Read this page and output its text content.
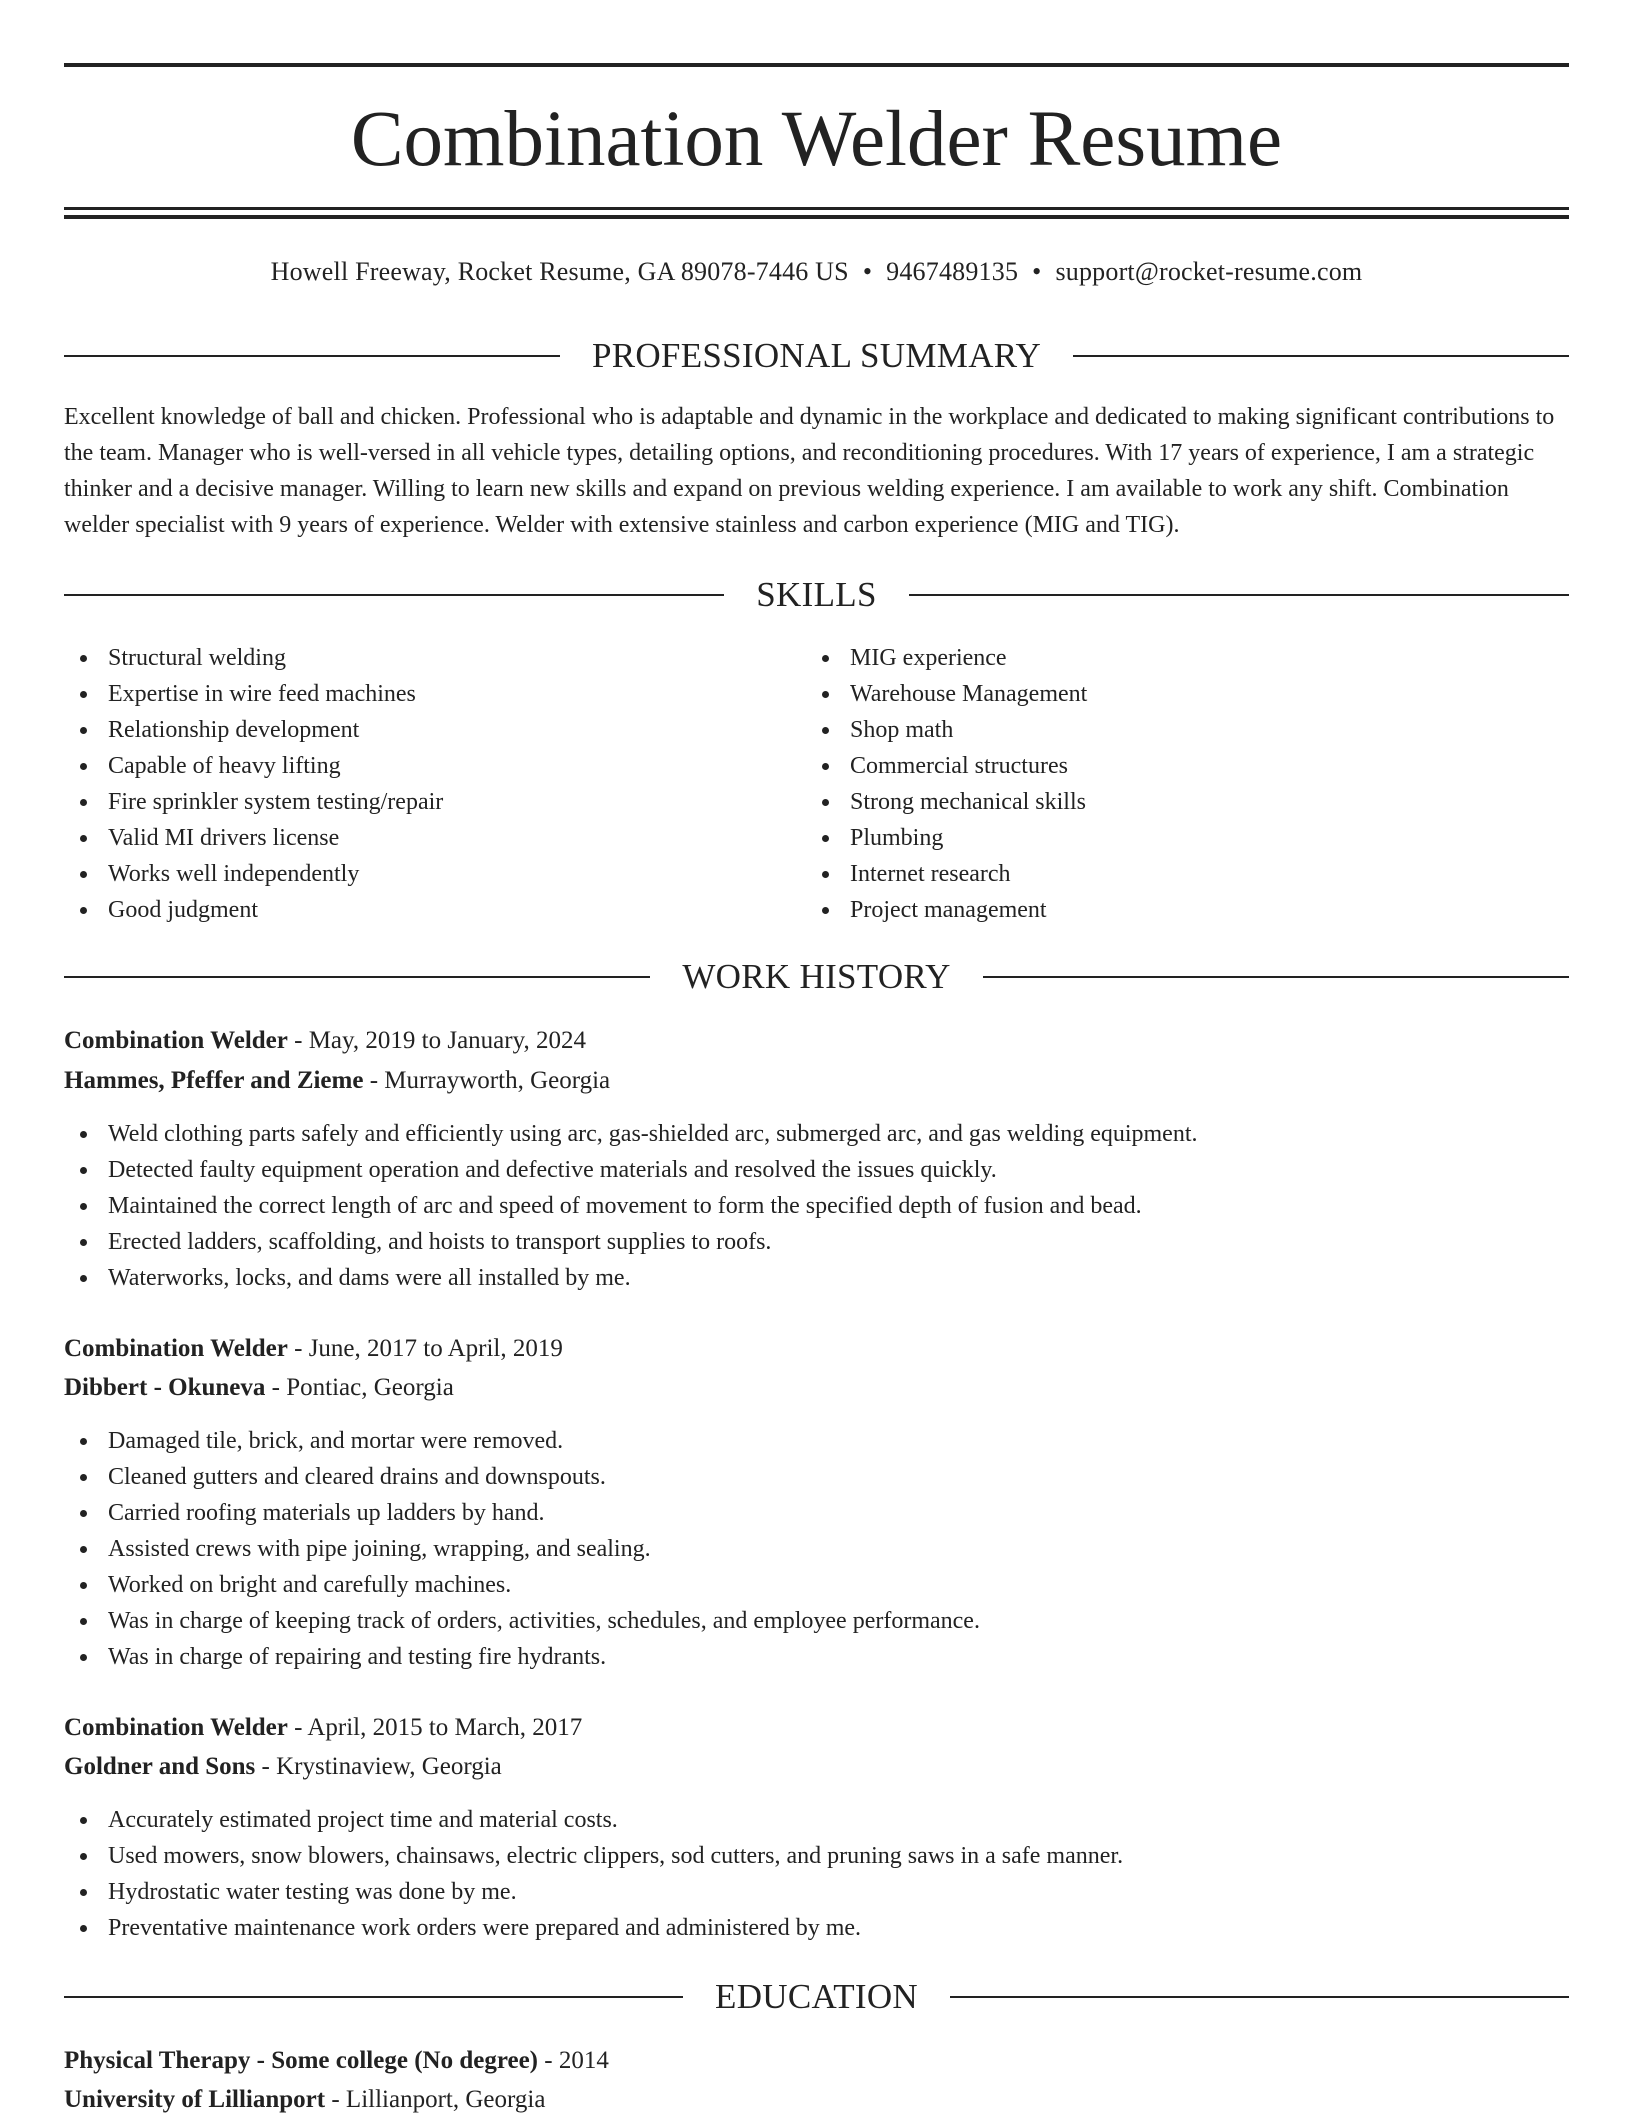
Combination Welder Resume
Howell Freeway, Rocket Resume, GA 89078-7446 US • 9467489135 • support@rocket-resume.com
PROFESSIONAL SUMMARY

Excellent knowledge of ball and chicken. Professional who is adaptable and dynamic in the workplace and dedicated to making significant contributions to the team. Manager who is well-versed in all vehicle types, detailing options, and reconditioning procedures. With 17 years of experience, I am a strategic thinker and a decisive manager. Willing to learn new skills and expand on previous welding experience. I am available to work any shift. Combination welder specialist with 9 years of experience. Welder with extensive stainless and carbon experience (MIG and TIG).

SKILLS
Structural welding
Expertise in wire feed machines
Relationship development
Capable of heavy lifting
Fire sprinkler system testing/repair
Valid MI drivers license
Works well independently
Good judgment
MIG experience
Warehouse Management
Shop math
Commercial structures
Strong mechanical skills
Plumbing
Internet research
Project management
WORK HISTORY
Combination Welder - May, 2019 to January, 2024
Hammes, Pfeffer and Zieme - Murrayworth, Georgia
Weld clothing parts safely and efficiently using arc, gas-shielded arc, submerged arc, and gas welding equipment.
Detected faulty equipment operation and defective materials and resolved the issues quickly.
Maintained the correct length of arc and speed of movement to form the specified depth of fusion and bead.
Erected ladders, scaffolding, and hoists to transport supplies to roofs.
Waterworks, locks, and dams were all installed by me.
Combination Welder - June, 2017 to April, 2019
Dibbert - Okuneva - Pontiac, Georgia
Damaged tile, brick, and mortar were removed.
Cleaned gutters and cleared drains and downspouts.
Carried roofing materials up ladders by hand.
Assisted crews with pipe joining, wrapping, and sealing.
Worked on bright and carefully machines.
Was in charge of keeping track of orders, activities, schedules, and employee performance.
Was in charge of repairing and testing fire hydrants.
Combination Welder - April, 2015 to March, 2017
Goldner and Sons - Krystinaview, Georgia
Accurately estimated project time and material costs.
Used mowers, snow blowers, chainsaws, electric clippers, sod cutters, and pruning saws in a safe manner.
Hydrostatic water testing was done by me.
Preventative maintenance work orders were prepared and administered by me.
EDUCATION
Physical Therapy - Some college (No degree) - 2014
University of Lillianport - Lillianport, Georgia
